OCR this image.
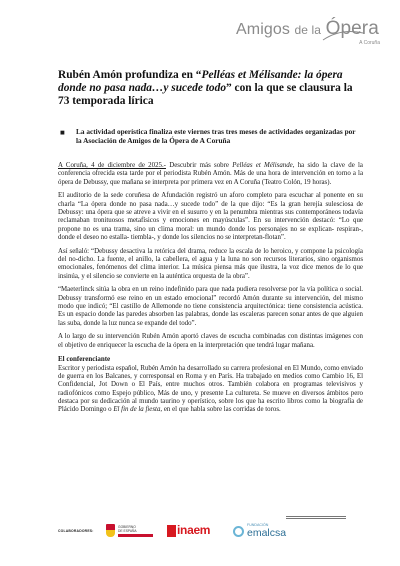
Amigos de la Ópera
A Coruña
Rubén Amón profundiza en “Pelléas et Mélisande: la ópera donde no pasa nada…y sucede todo” con la que se clausura la 73 temporada lírica
■ La actividad operística finaliza este viernes tras tres meses de actividades organizadas por la Asociación de Amigos de la Ópera de A Coruña

A Coruña, 4 de diciembre de 2025.- Descubrir más sobre Pelléas et Mélisande, ha sido la clave de la conferencia ofrecida esta tarde por el periodista Rubén Amón. Más de una hora de intervención en torno a la ópera de Debussy, que mañana se interpreta por primera vez en A Coruña (Teatro Colón, 19 horas).

El auditorio de la sede coruñesa de Afundación registró un aforo completo para escuchar al ponente en su charla “La ópera donde no pasa nada…y sucede todo” de la que dijo: “Es la gran herejía sulesciosa de Debussy: una ópera que se atreve a vivir en el susurro y en la penumbra mientras sus contemporáneos todavía reclamaban tronituosos metafísicos y emociones en mayúsculas”. En su intervención destacó: “Lo que propone no es una trama, sino un clima moral: un mundo donde los personajes no se explican- respiran-, donde el deseo no estalla- tiembla-, y donde los silencios no se interpretan-flotan”.

Así señaló: “Debussy desactiva la retórica del drama, reduce la escala de lo heroico, y compone la psicología del no-dicho. La fuente, el anillo, la cabellera, el agua y la luna no son recursos literarios, sino organismos emocionales, fenómenos del clima interior. La música piensa más que ilustra, la voz dice menos de lo que insinúa, y el silencio se convierte en la auténtica orquesta de la obra”.

“Maeterlinck sitúa la obra en un reino indefinido para que nada pudiera resolverse por la vía política o social. Debussy transformó ese reino en un estado emocional” recordó Amón durante su intervención, del mismo modo que indicó; “El castillo de Allemonde no tiene consistencia arquitectónica: tiene consistencia acústica. Es un espacio donde las paredes absorben las palabras, donde las escaleras parecen sonar antes de que alguien las suba, donde la luz nunca se expande del todo”.

A lo largo de su intervención Rubén Amón aportó claves de escucha combinadas con distintas imágenes con el objetivo de enriquecer la escucha de la ópera en la interpretación que tendrá lugar mañana.

El conferenciante

Escritor y periodista español, Rubén Amón ha desarrollado su carrera profesional en El Mundo, como enviado de guerra en los Balcanes, y corresponsal en Roma y en París. Ha trabajado en medios como Cambio 16, El Confidencial, Jot Down o El País, entre muchos otros. También colabora en programas televisivos y radiofónicos como Espejo público, Más de uno, y presente La cultureta. Se mueve en diversos ámbitos pero destaca por su dedicación al mundo taurino y operístico, sobre los que ha escrito libros como la biografía de Plácido Domingo o El fin de la fiesta, en el que habla sobre las corridas de toros.

COLABORADORES:
GOBIERNO
DE ESPAÑA	inaem	FUNDACIÓN
emalcsa
